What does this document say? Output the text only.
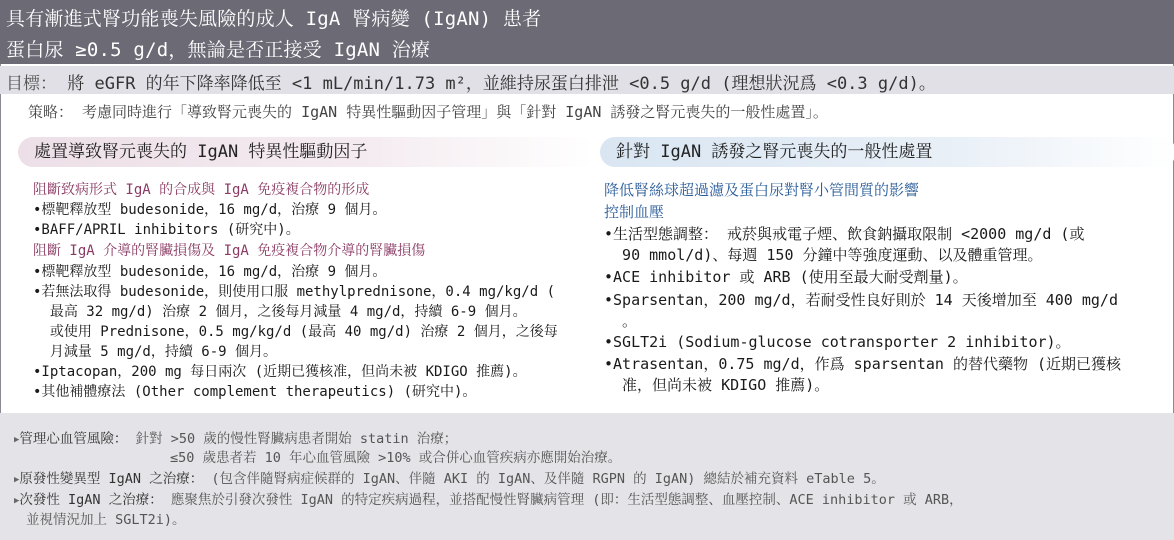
具有漸進式腎功能喪失風險的成人 IgA 腎病變 (IgAN) 患者
蛋白尿 ≥0.5 g/d，無論是否正接受 IgAN 治療
目標： 將 eGFR 的年下降率降低至 <1 mL/min/1.73 m²，並維持尿蛋白排泄 <0.5 g/d (理想狀況爲 <0.3 g/d)。
策略： 考慮同時進行「導致腎元喪失的 IgAN 特異性驅動因子管理」與「針對 IgAN 誘發之腎元喪失的一般性處置」。
處置導致腎元喪失的 IgAN 特異性驅動因子
阻斷致病形式 IgA 的合成與 IgA 免疫複合物的形成
•標靶釋放型 budesonide，16 mg/d，治療 9 個月。
•BAFF/APRIL inhibitors (研究中)。
阻斷 IgA 介導的腎臟損傷及 IgA 免疫複合物介導的腎臟損傷
•標靶釋放型 budesonide，16 mg/d，治療 9 個月。
•若無法取得 budesonide，則使用口服 methylprednisone，0.4 mg/kg/d (
最高 32 mg/d) 治療 2 個月，之後每月減量 4 mg/d，持續 6-9 個月。
或使用 Prednisone，0.5 mg/kg/d (最高 40 mg/d) 治療 2 個月，之後每
月減量 5 mg/d，持續 6-9 個月。
•Iptacopan，200 mg 每日兩次 (近期已獲核准，但尚未被 KDIGO 推薦)。
•其他補體療法 (Other complement therapeutics) (研究中)。
針對 IgAN 誘發之腎元喪失的一般性處置
降低腎絲球超過濾及蛋白尿對腎小管間質的影響
控制血壓
•生活型態調整： 戒菸與戒電子煙、飲食鈉攝取限制 <2000 mg/d (或
90 mmol/d)、每週 150 分鐘中等強度運動、以及體重管理。
•ACE inhibitor 或 ARB (使用至最大耐受劑量)。
•Sparsentan，200 mg/d，若耐受性良好則於 14 天後增加至 400 mg/d
。
•SGLT2i (Sodium-glucose cotransporter 2 inhibitor)。
•Atrasentan，0.75 mg/d，作爲 sparsentan 的替代藥物 (近期已獲核
准，但尚未被 KDIGO 推薦)。
▶管理心血管風險： 針對 >50 歲的慢性腎臟病患者開始 statin 治療；
≤50 歲患者若 10 年心血管風險 >10% 或合併心血管疾病亦應開始治療。
▶原發性變異型 IgAN 之治療： (包含伴隨腎病症候群的 IgAN、伴隨 AKI 的 IgAN、及伴隨 RGPN 的 IgAN) 總結於補充資料 eTable 5。
▶次發性 IgAN 之治療： 應聚焦於引發次發性 IgAN 的特定疾病過程，並搭配慢性腎臟病管理 (即：生活型態調整、血壓控制、ACE inhibitor 或 ARB，
並視情況加上 SGLT2i)。
